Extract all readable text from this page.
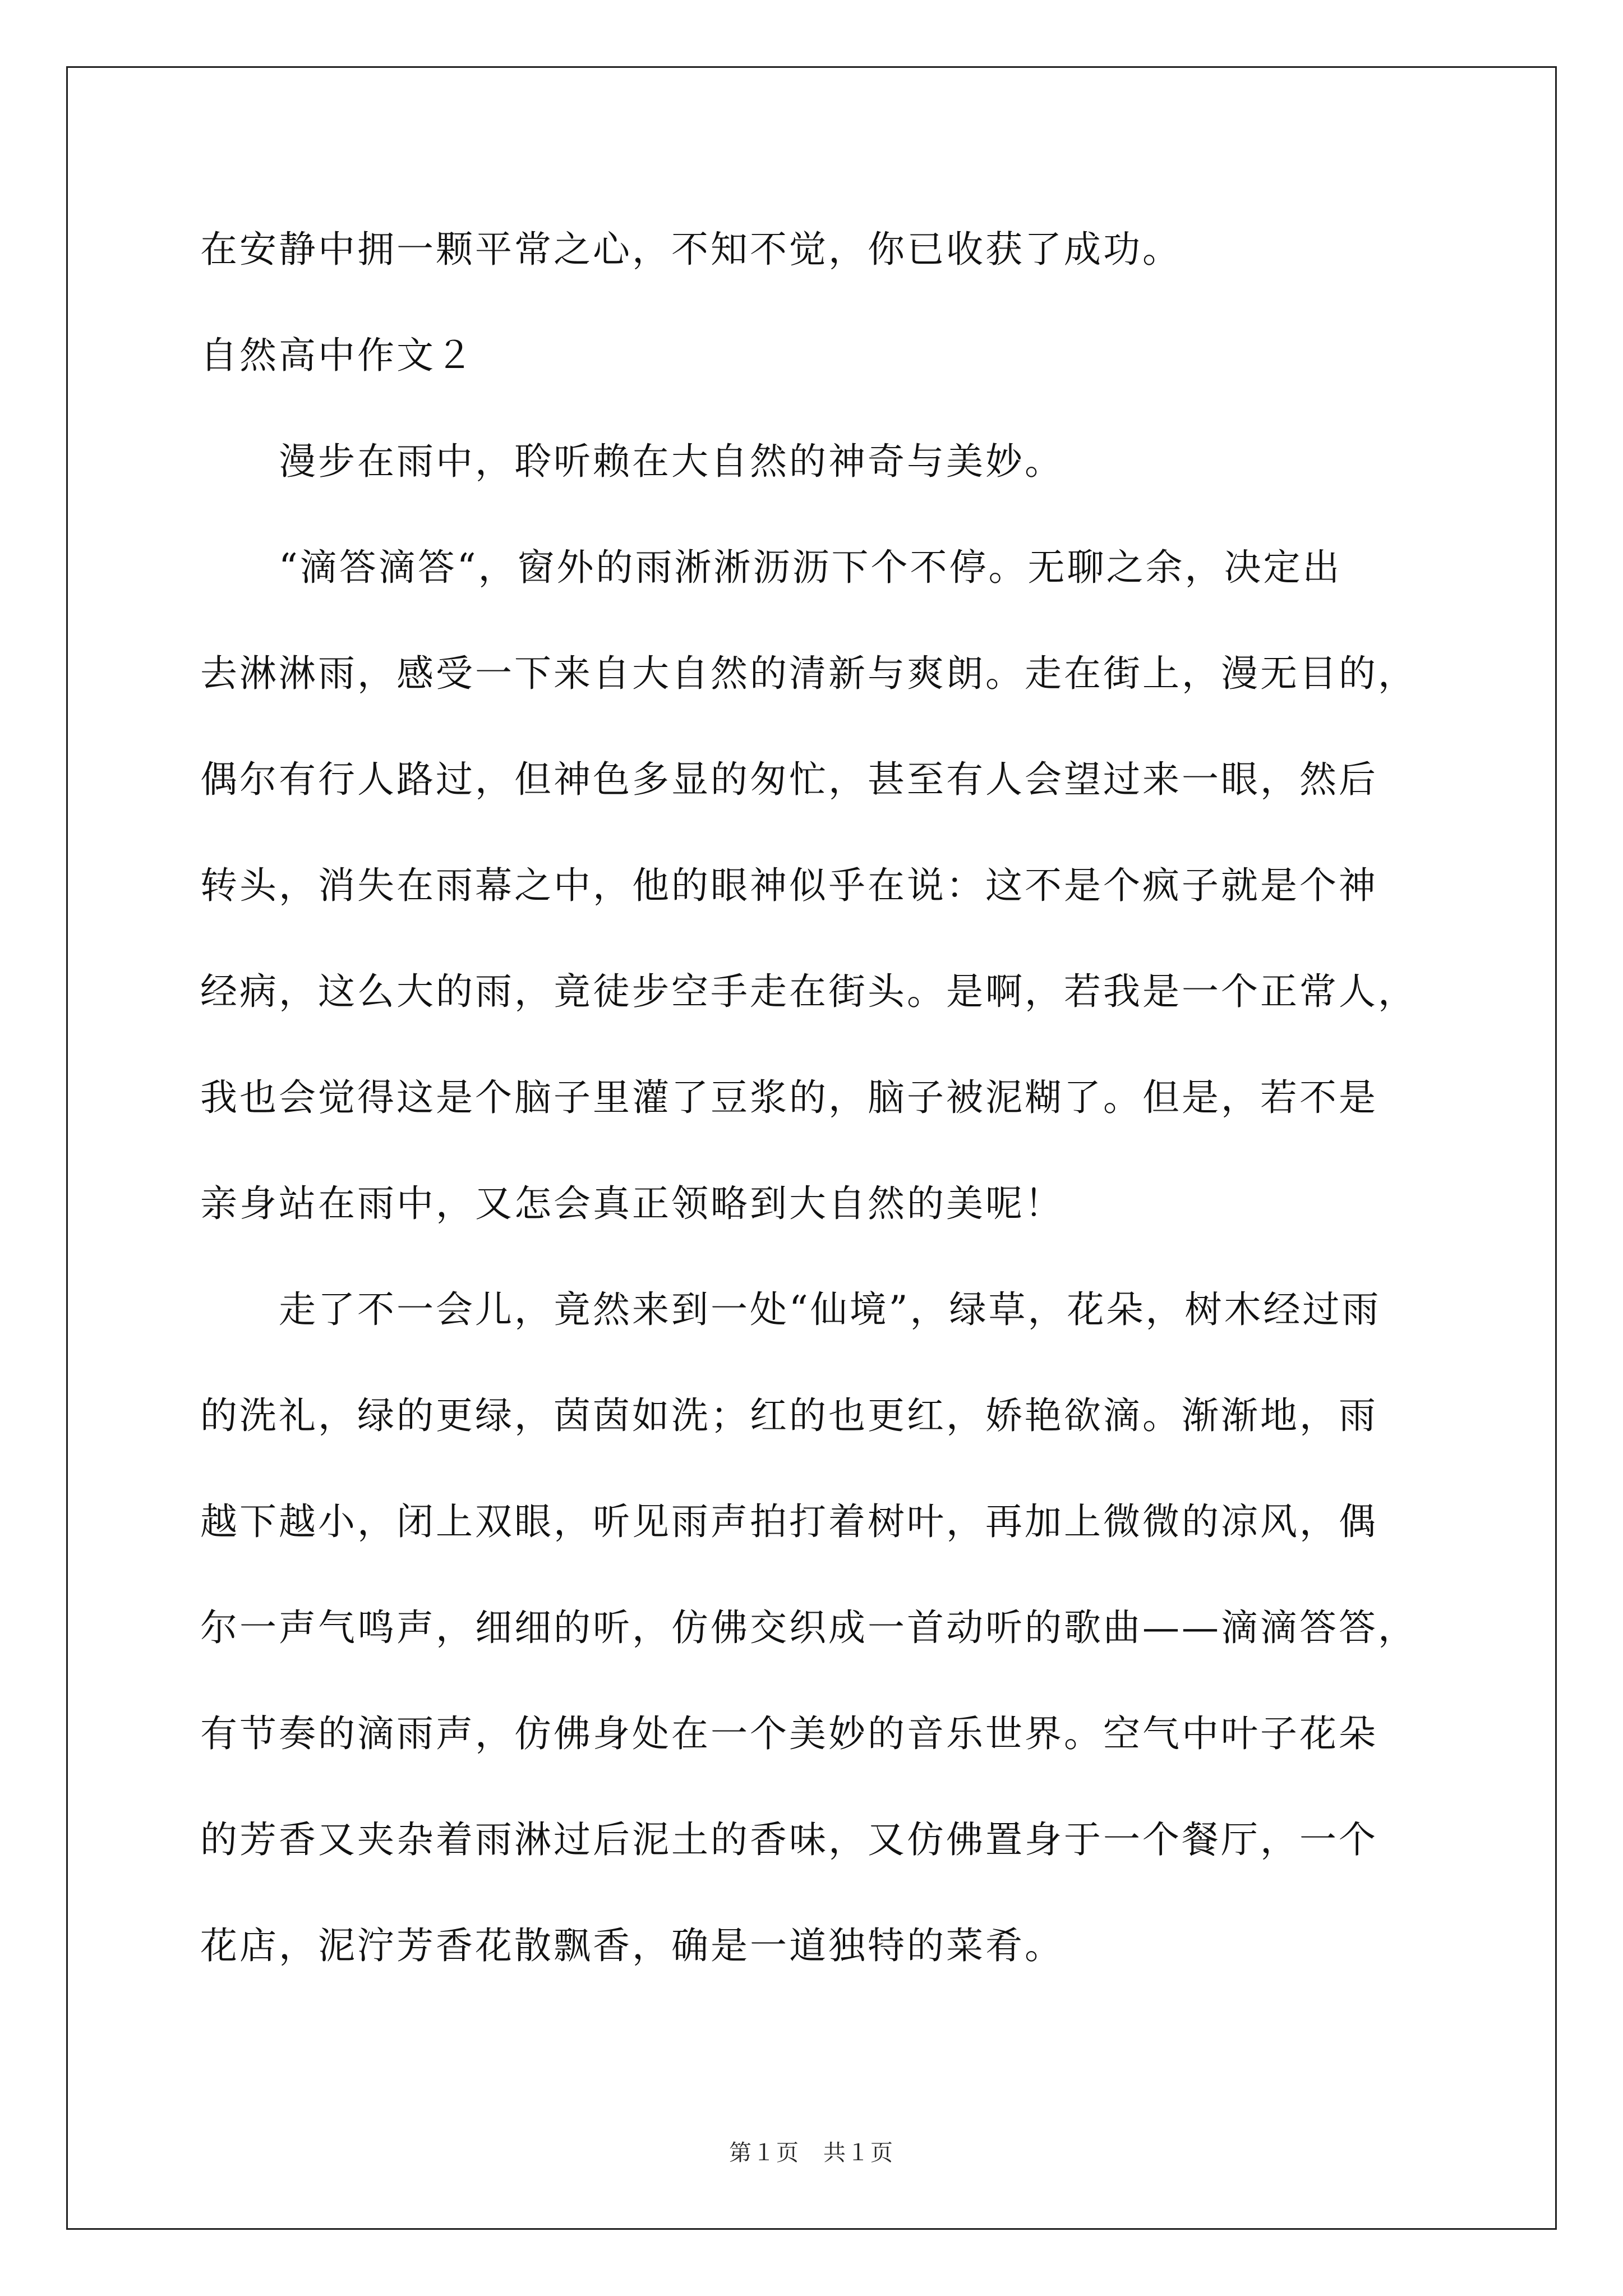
在安静中拥一颗平常之心，不知不觉，你已收获了成功。
自然高中作文２
　　漫步在雨中，聆听赖在大自然的神奇与美妙。
　　“滴答滴答“，窗外的雨淅淅沥沥下个不停。无聊之余，决定出
去淋淋雨，感受一下来自大自然的清新与爽朗。走在街上，漫无目的，
偶尔有行人路过，但神色多显的匆忙，甚至有人会望过来一眼，然后
转头，消失在雨幕之中，他的眼神似乎在说：这不是个疯子就是个神
经病，这么大的雨，竟徒步空手走在街头。是啊，若我是一个正常人，
我也会觉得这是个脑子里灌了豆浆的，脑子被泥糊了。但是，若不是
亲身站在雨中，又怎会真正领略到大自然的美呢！
　　走了不一会儿，竟然来到一处“仙境”，绿草，花朵，树木经过雨
的洗礼，绿的更绿，茵茵如洗；红的也更红，娇艳欲滴。渐渐地，雨
越下越小，闭上双眼，听见雨声拍打着树叶，再加上微微的凉风，偶
尔一声气鸣声，细细的听，仿佛交织成一首动听的歌曲——滴滴答答，
有节奏的滴雨声，仿佛身处在一个美妙的音乐世界。空气中叶子花朵
的芳香又夹杂着雨淋过后泥土的香味，又仿佛置身于一个餐厅，一个
花店，泥泞芳香花散飘香，确是一道独特的菜肴。
第１页　共１页
